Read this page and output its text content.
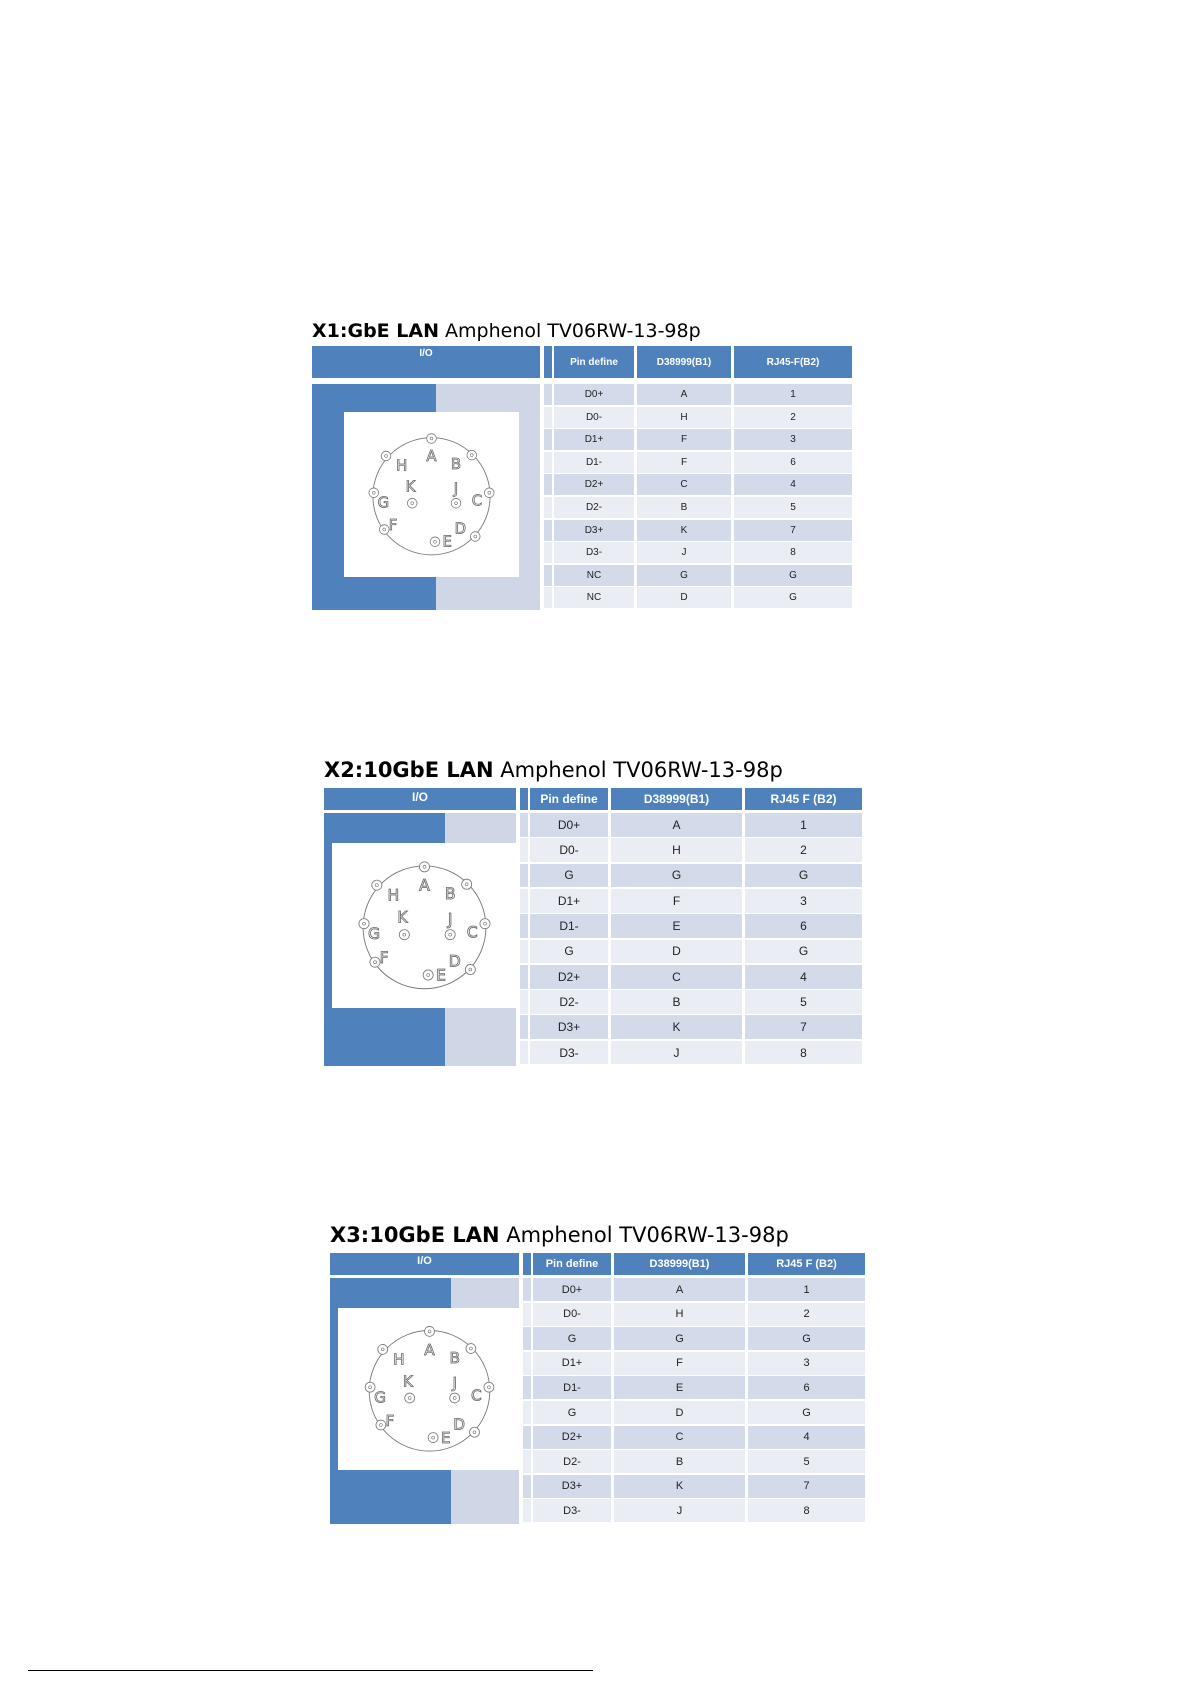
X1:GbE LAN Amphenol TV06RW-13-98p
I/O
A B
C
D
E
F
G
H
J
K
Pin define	D38999(B1)	RJ45-F(B2)
D0+	A	1
D0-	H	2
D1+	F	3
D1-	F	6
D2+	C	4
D2-	B	5
D3+	K	7
D3-	J	8
NC	G	G
NC	D	G
X2:10GbE LAN Amphenol TV06RW-13-98p
I/O
A B
C
D
E
F
G
H
J
K
Pin define	D38999(B1)	RJ45 F (B2)
D0+	A	1
D0-	H	2
G	G	G
D1+	F	3
D1-	E	6
G	D	G
D2+	C	4
D2-	B	5
D3+	K	7
D3-	J	8
X3:10GbE LAN Amphenol TV06RW-13-98p
I/O
A B
C
D
E
F
G
H
J
K
Pin define	D38999(B1)	RJ45 F (B2)
D0+	A	1
D0-	H	2
G	G	G
D1+	F	3
D1-	E	6
G	D	G
D2+	C	4
D2-	B	5
D3+	K	7
D3-	J	8
